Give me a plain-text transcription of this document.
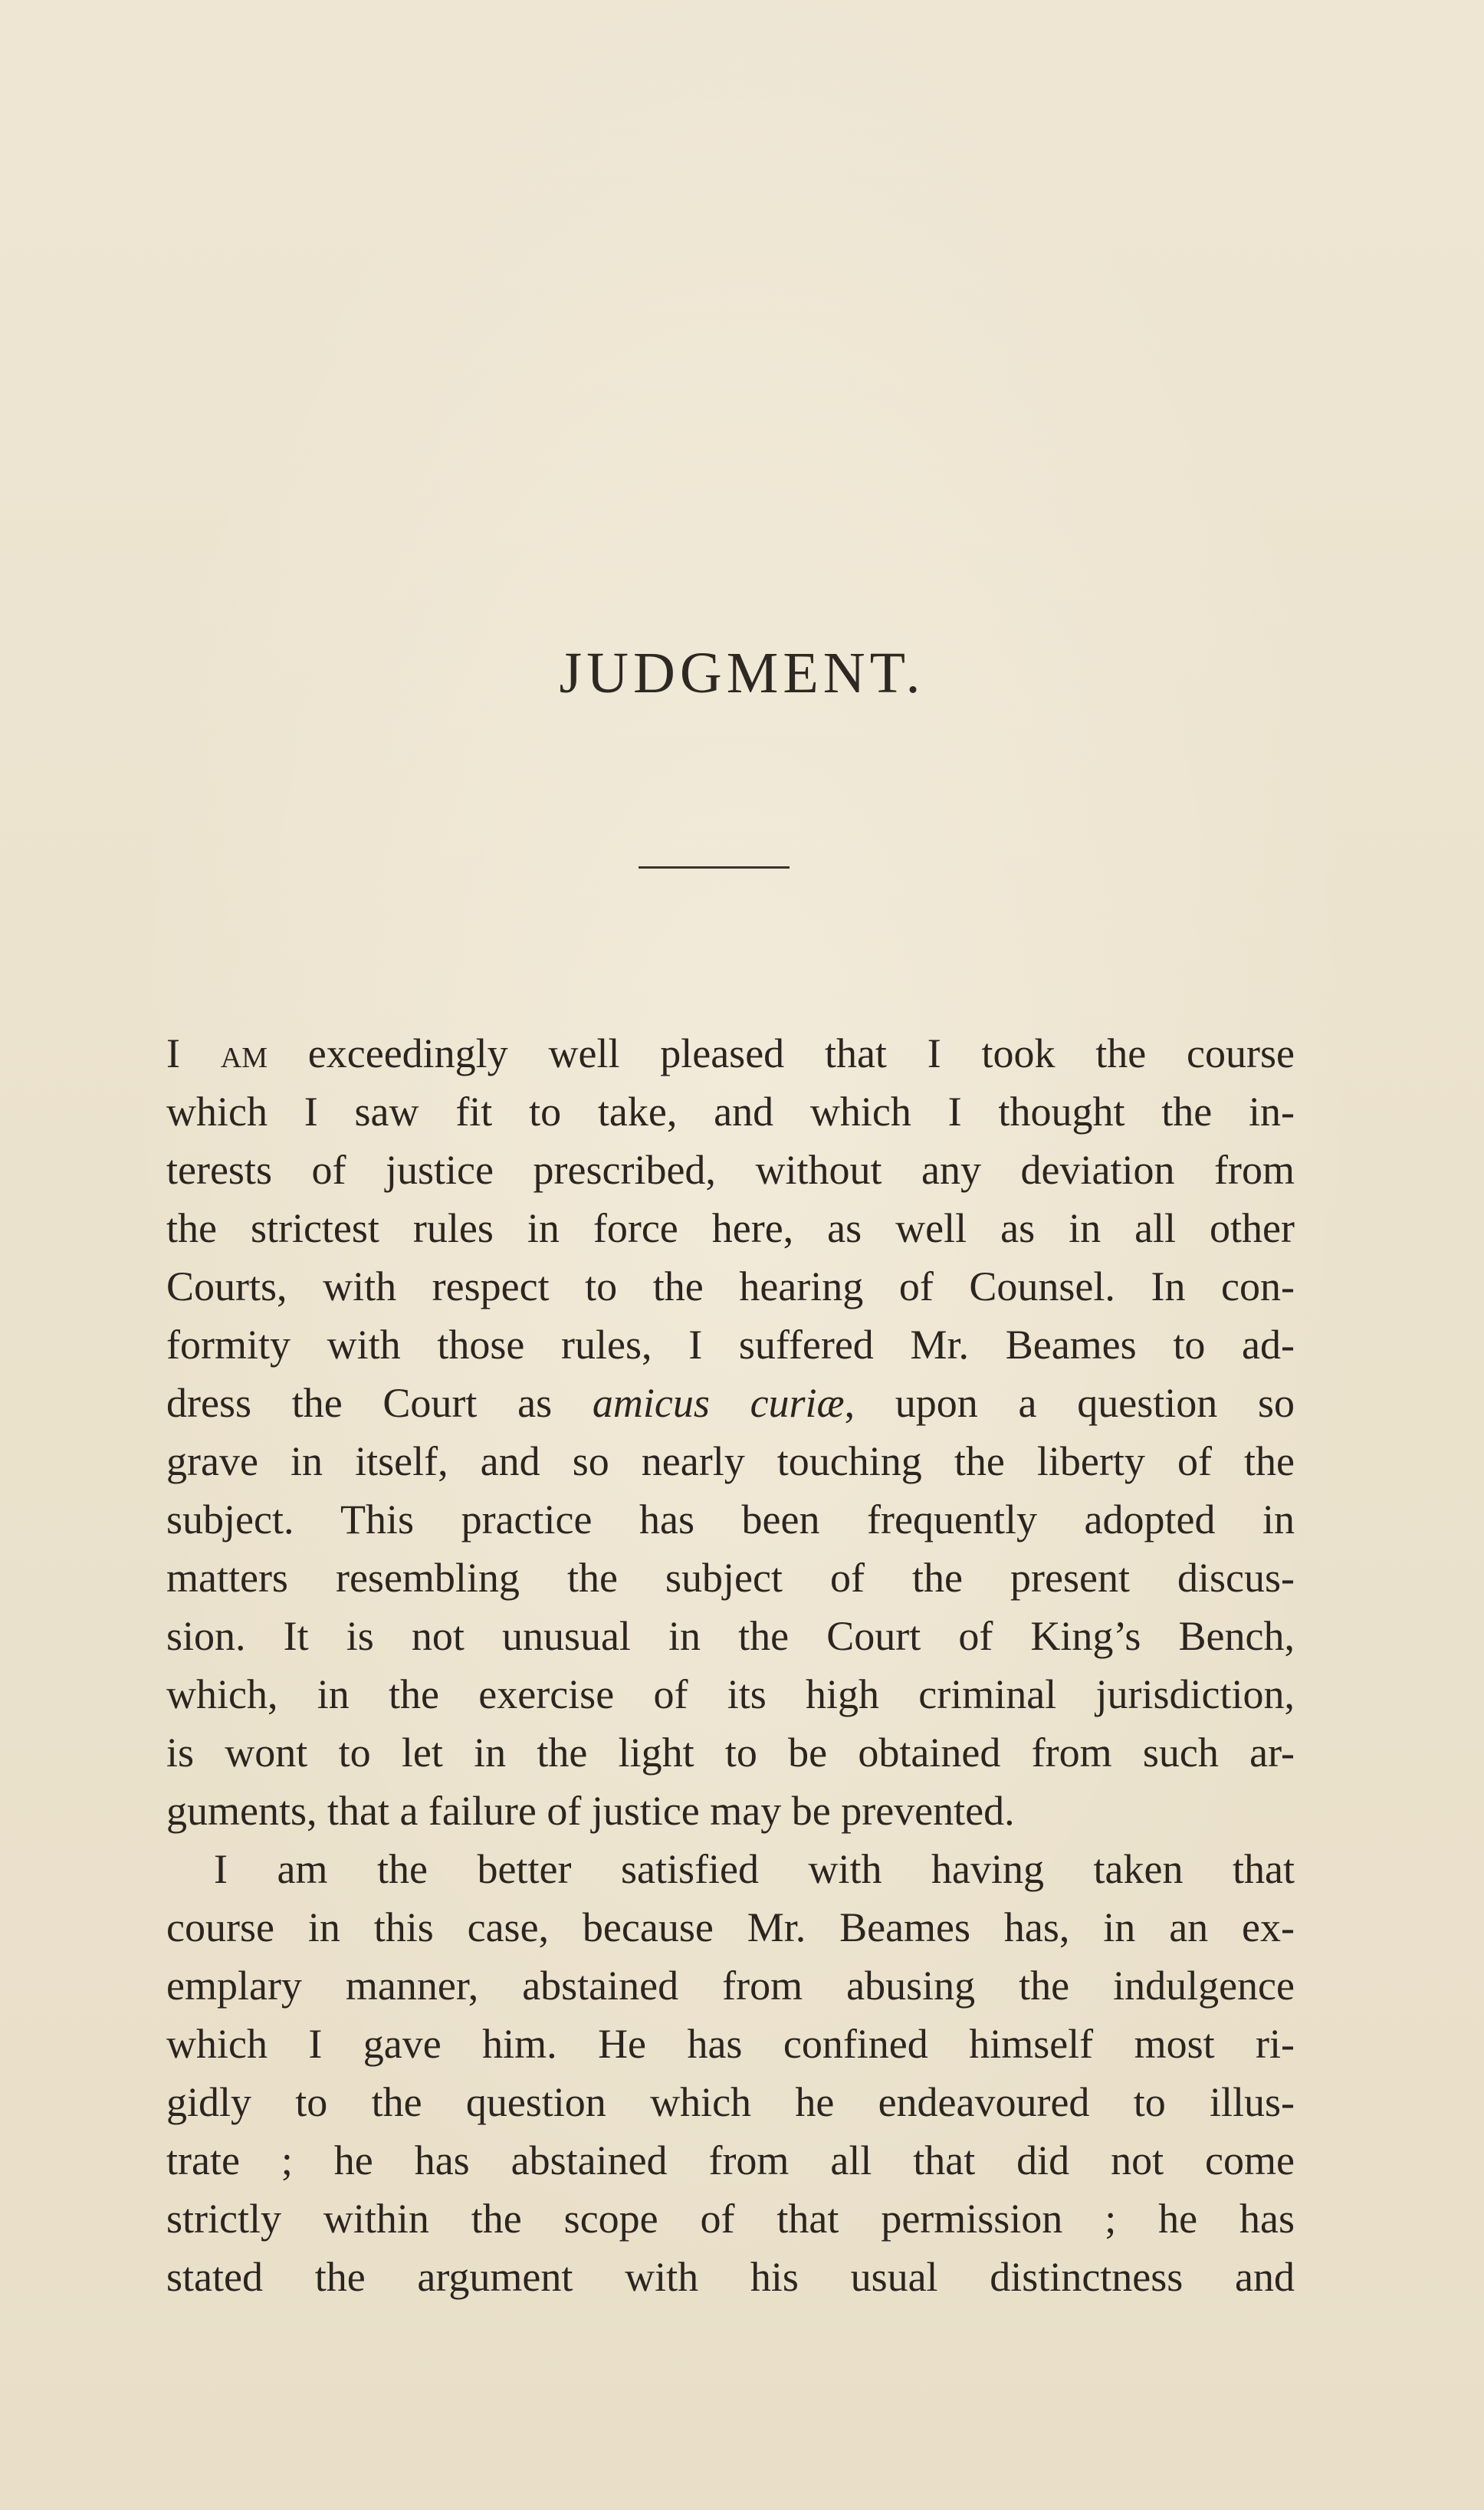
JUDGMENT.
I am exceedingly well pleased that I took the course
which I saw fit to take, and which I thought the in-
terests of justice prescribed, without any deviation from
the strictest rules in force here, as well as in all other
Courts, with respect to the hearing of Counsel. In con-
formity with those rules, I suffered Mr. Beames to ad-
dress the Court as amicus curiæ, upon a question so
grave in itself, and so nearly touching the liberty of the
subject. This practice has been frequently adopted in
matters resembling the subject of the present discus-
sion. It is not unusual in the Court of King’s Bench,
which, in the exercise of its high criminal jurisdiction,
is wont to let in the light to be obtained from such ar-
guments, that a failure of justice may be prevented.
I am the better satisfied with having taken that
course in this case, because Mr. Beames has, in an ex-
emplary manner, abstained from abusing the indulgence
which I gave him. He has confined himself most ri-
gidly to the question which he endeavoured to illus-
trate ; he has abstained from all that did not come
strictly within the scope of that permission ; he has
stated the argument with his usual distinctness and
